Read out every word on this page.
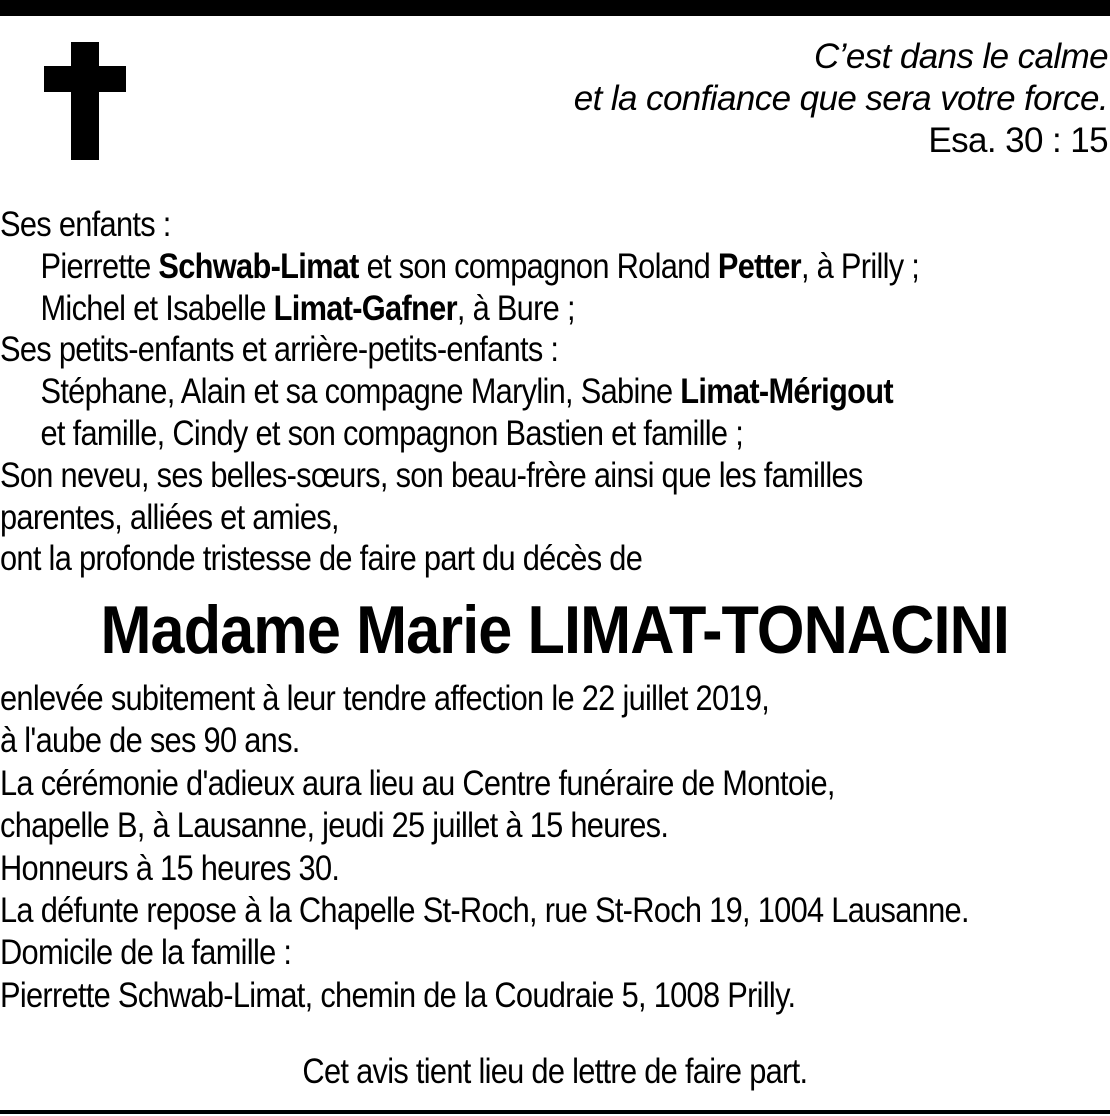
C’est dans le calme
et la confiance que sera votre force.
Esa. 30 : 15
Ses enfants :
Pierrette Schwab-Limat et son compagnon Roland Petter, à Prilly ;
Michel et Isabelle Limat-Gafner, à Bure ;
Ses petits-enfants et arrière-petits-enfants :
Stéphane, Alain et sa compagne Marylin, Sabine Limat-Mérigout
et famille, Cindy et son compagnon Bastien et famille ;
Son neveu, ses belles-sœurs, son beau-frère ainsi que les familles
parentes, alliées et amies,
ont la profonde tristesse de faire part du décès de
Madame Marie LIMAT-TONACINI
enlevée subitement à leur tendre affection le 22 juillet 2019,
à l'aube de ses 90 ans.
La cérémonie d'adieux aura lieu au Centre funéraire de Montoie,
chapelle B, à Lausanne, jeudi 25 juillet à 15 heures.
Honneurs à 15 heures 30.
La défunte repose à la Chapelle St-Roch, rue St-Roch 19, 1004 Lausanne.
Domicile de la famille :
Pierrette Schwab-Limat, chemin de la Coudraie 5, 1008 Prilly.
Cet avis tient lieu de lettre de faire part.
